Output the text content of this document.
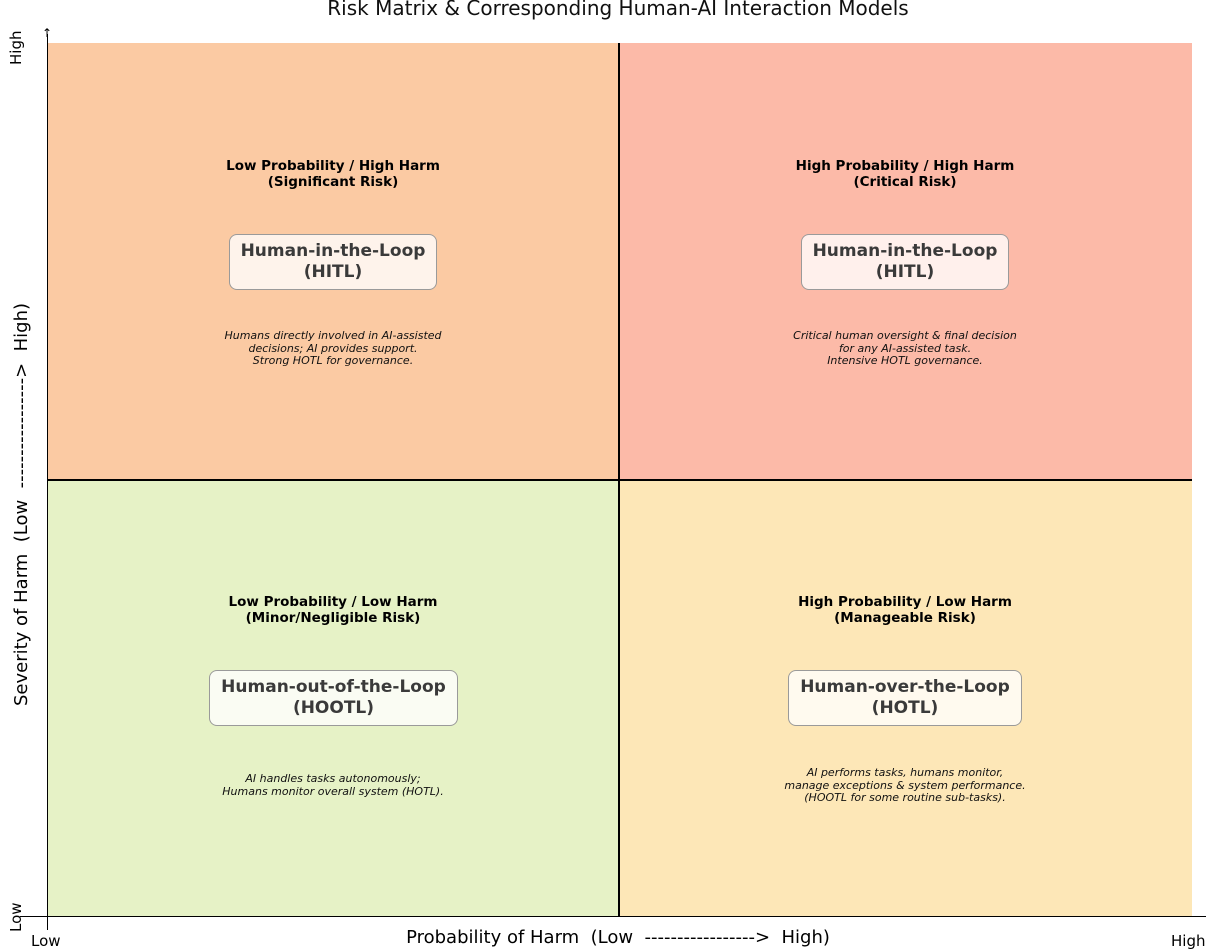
Risk Matrix & Corresponding Human-AI Interaction Models
↑
Low Probability / High Harm
(Significant Risk)
Human-in-the-Loop
(HITL)
Humans directly involved in AI-assisted
decisions; AI provides support.
Strong HOTL for governance.
High Probability / High Harm
(Critical Risk)
Human-in-the-Loop
(HITL)
Critical human oversight & final decision
for any AI-assisted task.
Intensive HOTL governance.
Low Probability / Low Harm
(Minor/Negligible Risk)
Human-out-of-the-Loop
(HOOTL)
AI handles tasks autonomously;
Humans monitor overall system (HOTL).
High Probability / Low Harm
(Manageable Risk)
Human-over-the-Loop
(HOTL)
AI performs tasks, humans monitor,
manage exceptions & system performance.
(HOOTL for some routine sub-tasks).
Probability of Harm  (Low  ----------------->  High)
Low	High
Severity of Harm  (Low  ----------------->  High)
Low
High
